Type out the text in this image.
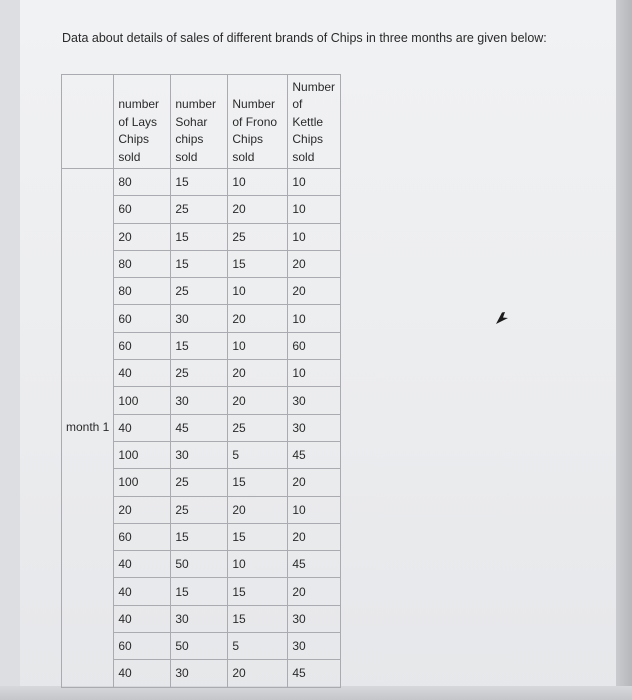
Data about details of sales of different brands of Chips in three months are given below:
	number of Lays Chips sold	number Sohar chips sold	Number of Frono Chips sold	Number of Kettle Chips sold
month 1	80	15	10	10
	60	25	20	10
	20	15	25	10
	80	15	15	20
	80	25	10	20
	60	30	20	10
	60	15	10	60
	40	25	20	10
	100	30	20	30
	40	45	25	30
	100	30	5	45
	100	25	15	20
	20	25	20	10
	60	15	15	20
	40	50	10	45
	40	15	15	20
	40	30	15	30
	60	50	5	30
	40	30	20	45
